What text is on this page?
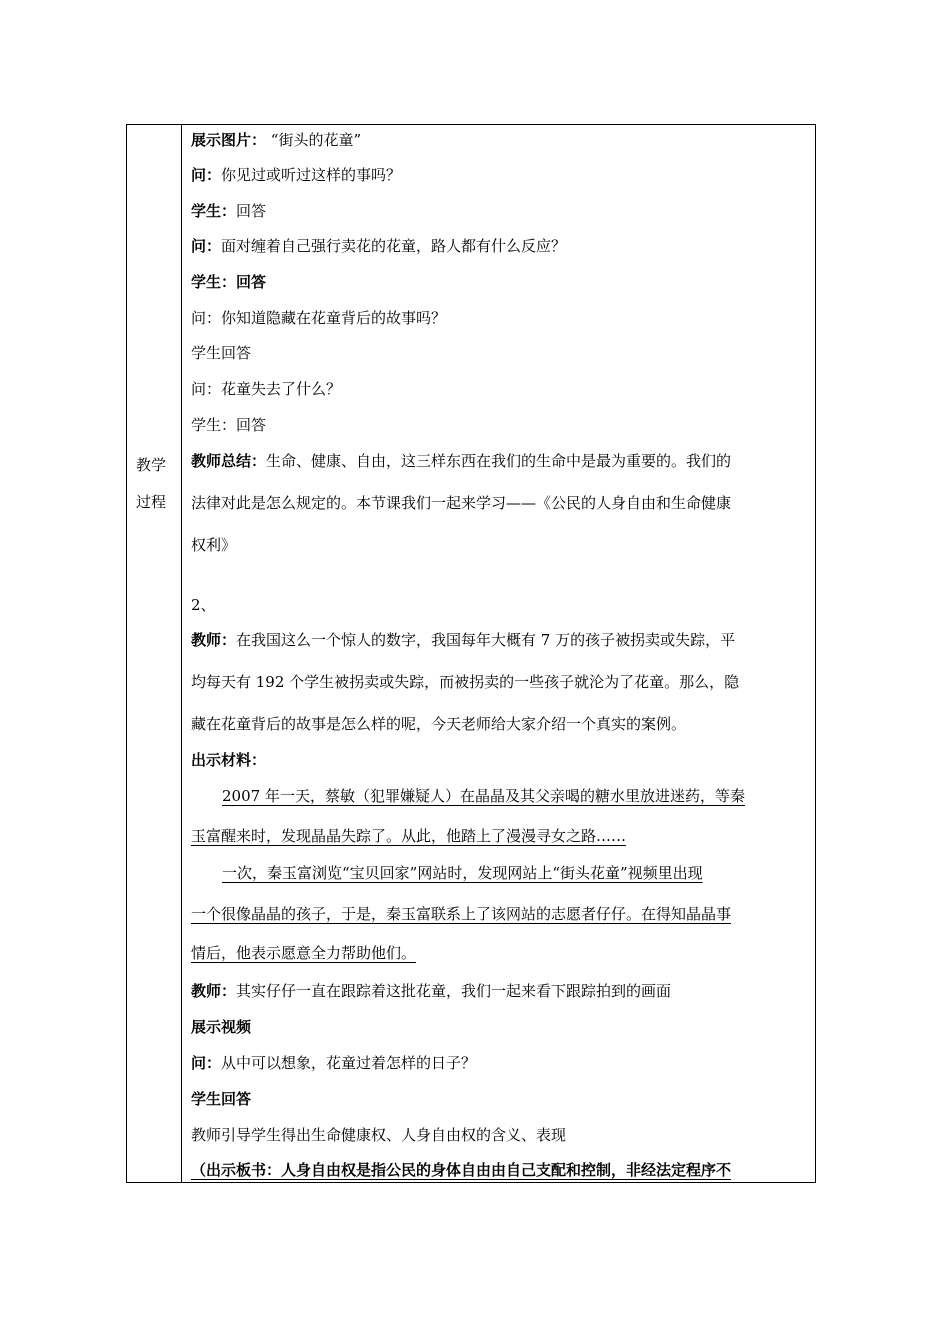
教学
过程
展示图片： “街头的花童”
问：你见过或听过这样的事吗？
学生：回答
问：面对缠着自己强行卖花的花童，路人都有什么反应？
学生：回答
问：你知道隐藏在花童背后的故事吗？
学生回答
问：花童失去了什么？
学生：回答
教师总结：生命、健康、自由，这三样东西在我们的生命中是最为重要的。我们的
法律对此是怎么规定的。本节课我们一起来学习——《公民的人身自由和生命健康
权利》
2、
教师：在我国这么一个惊人的数字，我国每年大概有 7 万的孩子被拐卖或失踪，平
均每天有 192 个学生被拐卖或失踪，而被拐卖的一些孩子就沦为了花童。那么，隐
藏在花童背后的故事是怎么样的呢，今天老师给大家介绍一个真实的案例。
出示材料：
2007 年一天，蔡敏（犯罪嫌疑人）在晶晶及其父亲喝的糖水里放进迷药，等秦
玉富醒来时，发现晶晶失踪了。从此，他踏上了漫漫寻女之路……
一次，秦玉富浏览“宝贝回家”网站时，发现网站上“街头花童”视频里出现
一个很像晶晶的孩子，于是，秦玉富联系上了该网站的志愿者仔仔。在得知晶晶事
情后，他表示愿意全力帮助他们。
教师：其实仔仔一直在跟踪着这批花童，我们一起来看下跟踪拍到的画面
展示视频
问：从中可以想象，花童过着怎样的日子？
学生回答
教师引导学生得出生命健康权、人身自由权的含义、表现
（出示板书：人身自由权是指公民的身体自由由自己支配和控制，非经法定程序不
